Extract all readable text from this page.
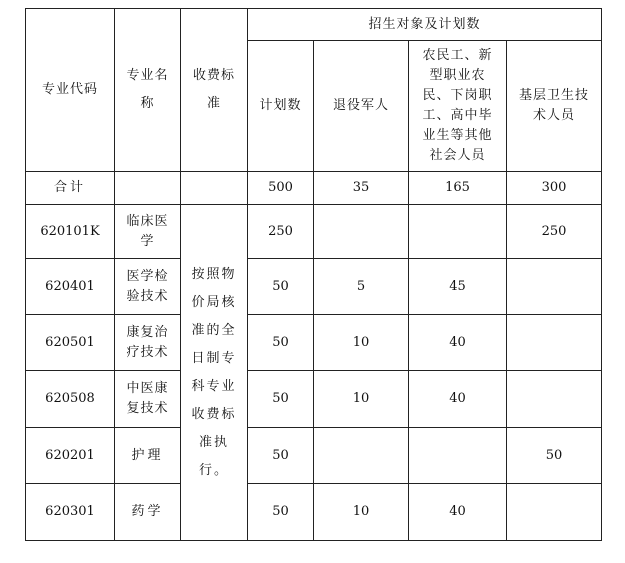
专业代码	专业名称	收费标准	招生对象及计划数			
			计划数	退役军人	农民工、新型职业农民、下岗职工、高中毕业生等其他社会人员	基层卫生技术人员
合计			500	35	165	300
620101K	临床医学	按照物价局核准的全日制专科专业收费标准执行。	250			250
620401	医学检验技术		50	5	45	
620501	康复治疗技术		50	10	40	
620508	中医康复技术		50	10	40	
620201	护理		50			50
620301	药学		50	10	40	
